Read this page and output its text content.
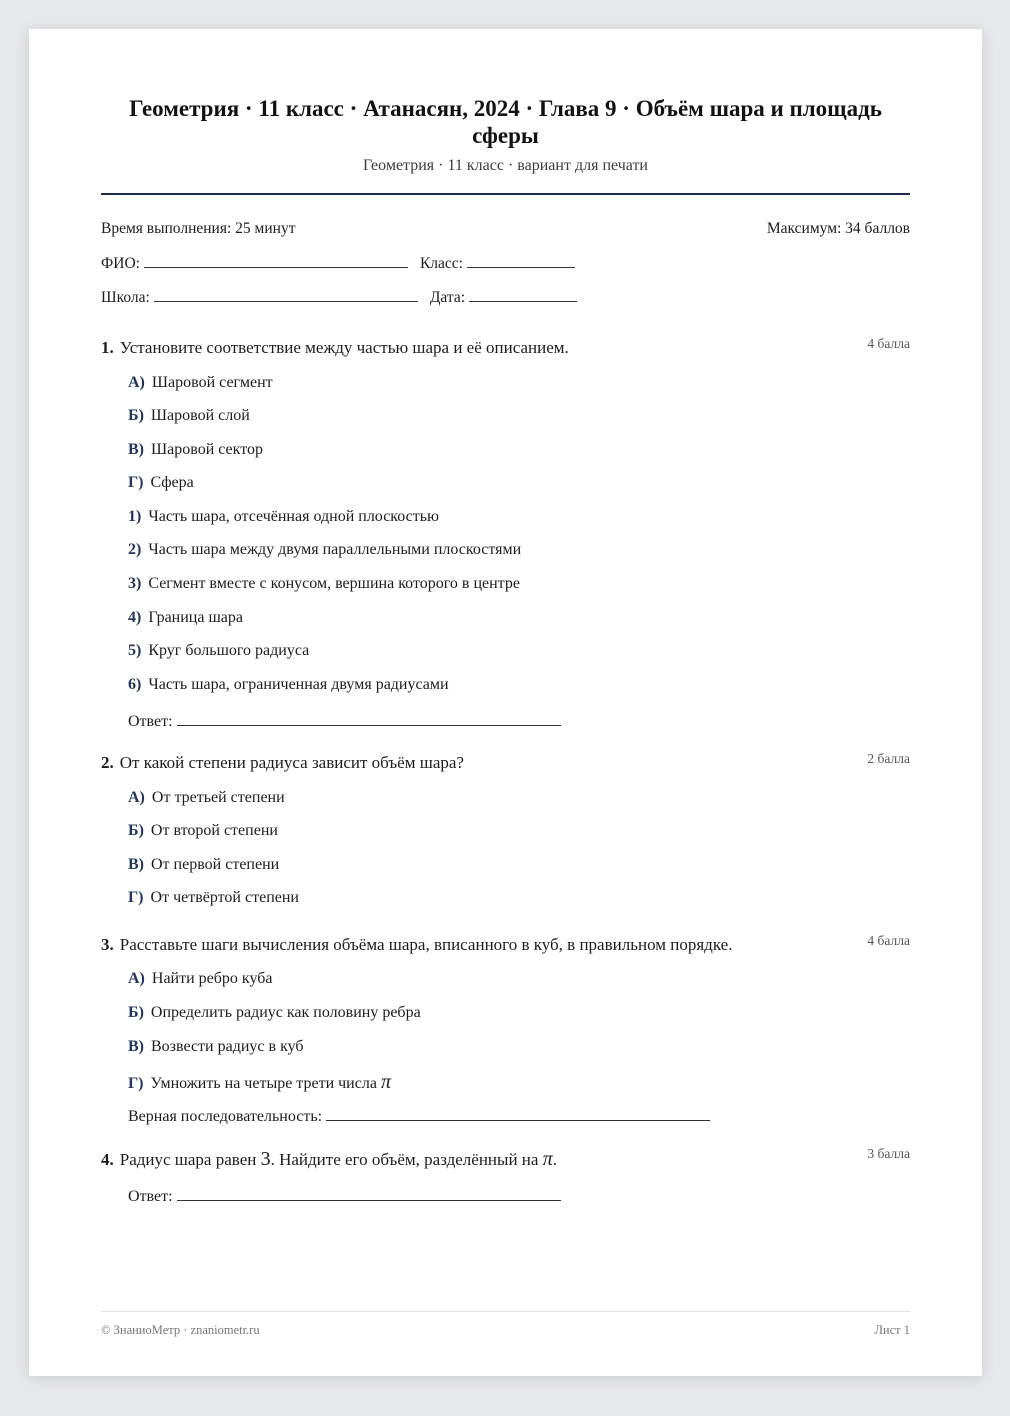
Геометрия · 11 класс · Атанасян, 2024 · Глава 9 · Объём шара и площадь сферы
Геометрия · 11 класс · вариант для печати
Время выполнения: 25 минут	Максимум: 34 баллов
ФИО:	Класс:
Школа:	Дата:
1. Установите соответствие между частью шара и её описанием.	4 балла
А) Шаровой сегмент
Б) Шаровой слой
В) Шаровой сектор
Г) Сфера
1) Часть шара, отсечённая одной плоскостью
2) Часть шара между двумя параллельными плоскостями
3) Сегмент вместе с конусом, вершина которого в центре
4) Граница шара
5) Круг большого радиуса
6) Часть шара, ограниченная двумя радиусами
Ответ:
2. От какой степени радиуса зависит объём шара?	2 балла
А) От третьей степени
Б) От второй степени
В) От первой степени
Г) От четвёртой степени
3. Расставьте шаги вычисления объёма шара, вписанного в куб, в правильном порядке.	4 балла
А) Найти ребро куба
Б) Определить радиус как половину ребра
В) Возвести радиус в куб
Г) Умножить на четыре трети числа π
Верная последовательность:
4. Радиус шара равен 3. Найдите его объём, разделённый на π.	3 балла
Ответ:
© ЗнаниоМетр · znaniometr.ru	Лист 1
